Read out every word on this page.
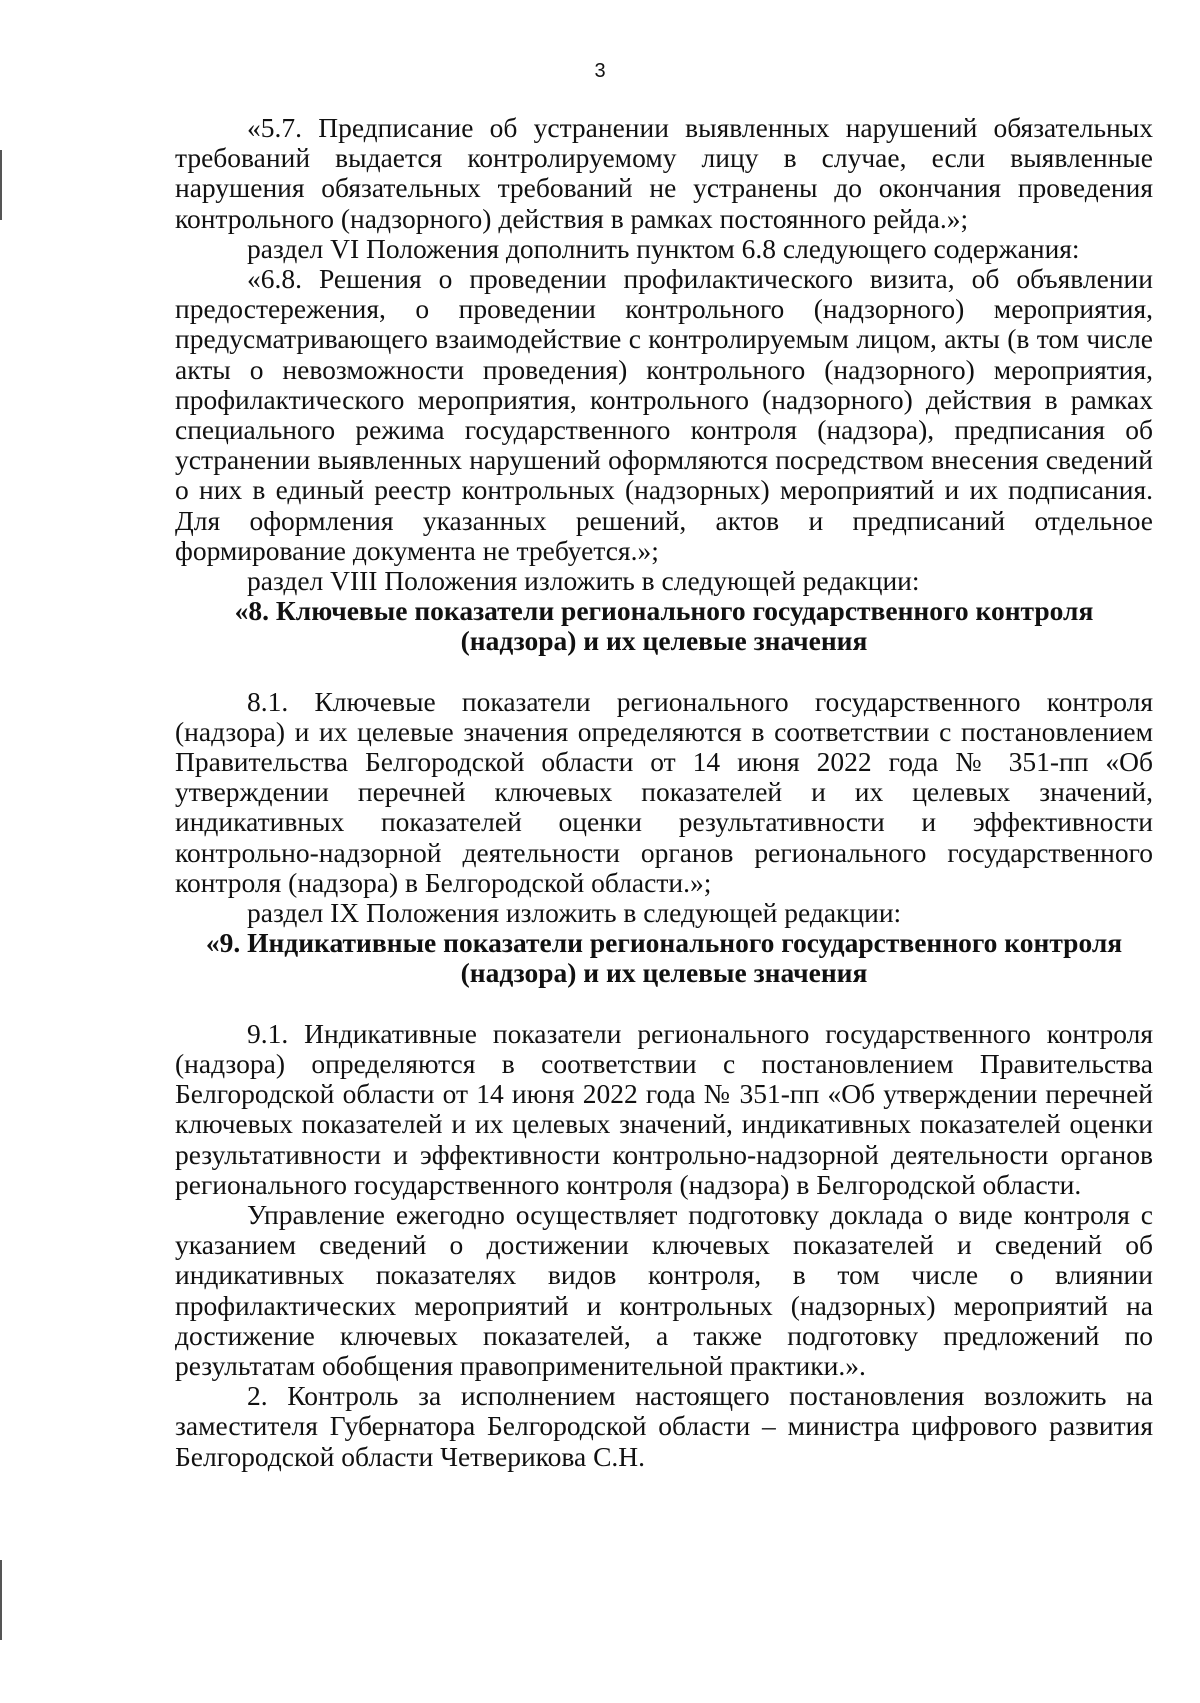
3

«5.7. Предписание об устранении выявленных нарушений обязательных требований выдается контролируемому лицу в случае, если выявленные нарушения обязательных требований не устранены до окончания проведения контрольного (надзорного) действия в рамках постоянного рейда.»;

раздел VI Положения дополнить пунктом 6.8 следующего содержания:

«6.8. Решения о проведении профилактического визита, об объявлении предостережения, о проведении контрольного (надзорного) мероприятия, предусматривающего взаимодействие с контролируемым лицом, акты (в том числе акты о невозможности проведения) контрольного (надзорного) мероприятия, профилактического мероприятия, контрольного (надзорного) действия в рамках специального режима государственного контроля (надзора), предписания об устранении выявленных нарушений оформляются посредством внесения сведений о них в единый реестр контрольных (надзорных) мероприятий и их подписания. Для оформления указанных решений, актов и предписаний отдельное формирование документа не требуется.»;

раздел VIII Положения изложить в следующей редакции:

«8. Ключевые показатели регионального государственного контроля

(надзора) и их целевые значения

8.1. Ключевые показатели регионального государственного контроля (надзора) и их целевые значения определяются в соответствии с постановлением Правительства Белгородской области от 14 июня 2022 года № 351-пп «Об утверждении перечней ключевых показателей и их целевых значений, индикативных показателей оценки результативности и эффективности контрольно-надзорной деятельности органов регионального государственного контроля (надзора) в Белгородской области.»;

раздел IX Положения изложить в следующей редакции:

«9. Индикативные показатели регионального государственного контроля

(надзора) и их целевые значения

9.1. Индикативные показатели регионального государственного контроля (надзора) определяются в соответствии с постановлением Правительства Белгородской области от 14 июня 2022 года № 351-пп «Об утверждении перечней ключевых показателей и их целевых значений, индикативных показателей оценки результативности и эффективности контрольно-надзорной деятельности органов регионального государственного контроля (надзора) в Белгородской области.

Управление ежегодно осуществляет подготовку доклада о виде контроля с указанием сведений о достижении ключевых показателей и сведений об индикативных показателях видов контроля, в том числе о влиянии профилактических мероприятий и контрольных (надзорных) мероприятий на достижение ключевых показателей, а также подготовку предложений по результатам обобщения правоприменительной практики.».

2. Контроль за исполнением настоящего постановления возложить на заместителя Губернатора Белгородской области – министра цифрового развития Белгородской области Четверикова С.Н.
